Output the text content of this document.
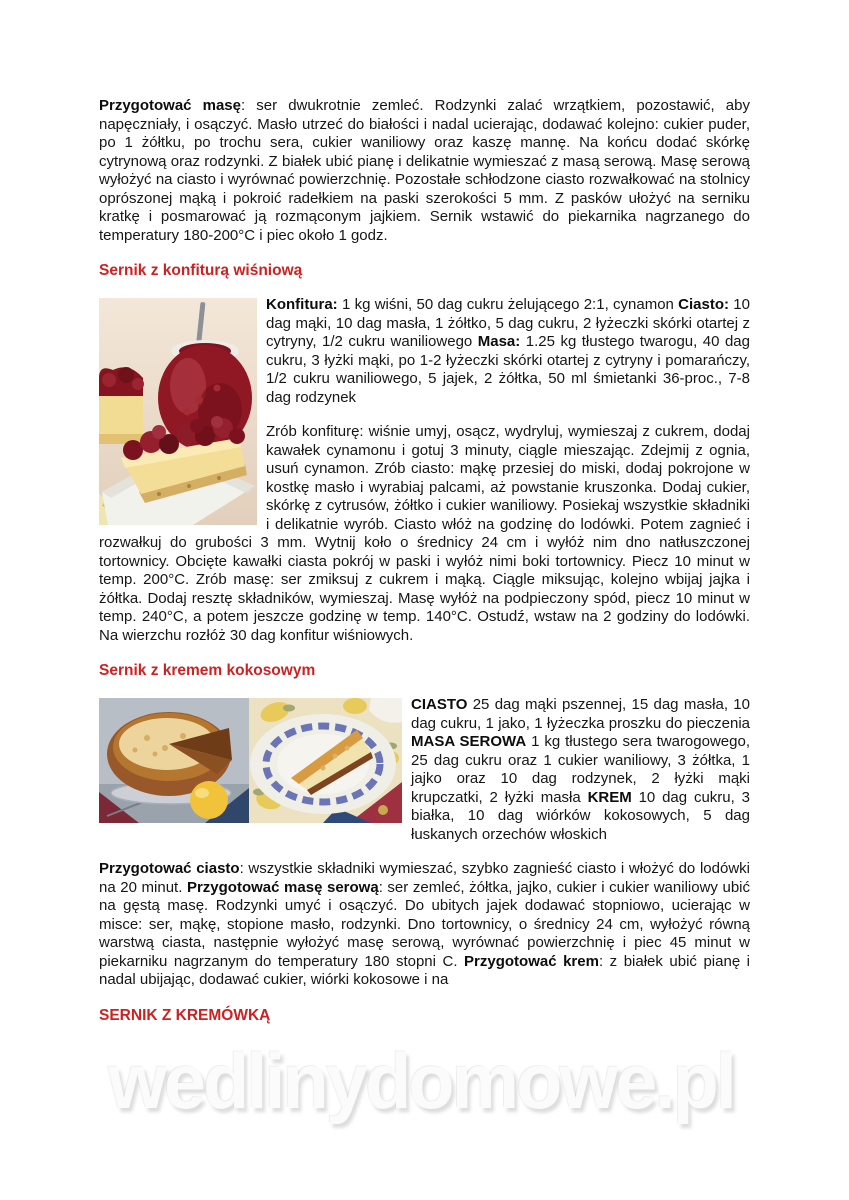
Przygotować masę: ser dwukrotnie zemleć. Rodzynki zalać wrzątkiem, pozostawić, aby napęczniały, i osączyć. Masło utrzeć do białości i nadal ucierając, dodawać kolejno: cukier puder, po 1 żółtku, po trochu sera, cukier waniliowy oraz kaszę mannę. Na końcu dodać skórkę cytrynową oraz rodzynki. Z białek ubić pianę i delikatnie wymieszać z masą serową. Masę serową wyłożyć na ciasto i wyrównać powierzchnię. Pozostałe schłodzone ciasto rozwałkować na stolnicy oprószonej mąką i pokroić radełkiem na paski szerokości 5 mm. Z pasków ułożyć na serniku kratkę i posmarować ją rozmąconym jajkiem. Sernik wstawić do piekarnika nagrzanego do temperatury 180-200°C i piec około 1 godz.

Sernik z konfiturą wiśniową

Konfitura: 1 kg wiśni, 50 dag cukru żelującego 2:1, cynamon Ciasto: 10 dag mąki, 10 dag masła, 1 żółtko, 5 dag cukru, 2 łyżeczki skórki otartej z cytryny, 1/2 cukru waniliowego Masa: 1.25 kg tłustego twarogu, 40 dag cukru, 3 łyżki mąki, po 1-2 łyżeczki skórki otartej z cytryny i pomarańczy, 1/2 cukru waniliowego, 5 jajek, 2 żółtka, 50 ml śmietanki 36-proc., 7-8 dag rodzynek

Zrób konfiturę: wiśnie umyj, osącz, wydryluj, wymieszaj z cukrem, dodaj kawałek cynamonu i gotuj 3 minuty, ciągle mieszając. Zdejmij z ognia, usuń cynamon. Zrób ciasto: mąkę przesiej do miski, dodaj pokrojone w kostkę masło i wyrabiaj palcami, aż powstanie kruszonka. Dodaj cukier, skórkę z cytrusów, żółtko i cukier waniliowy. Posiekaj wszystkie składniki i delikatnie wyrób. Ciasto włóż na godzinę do lodówki. Potem zagnieć i rozwałkuj do grubości 3 mm. Wytnij koło o średnicy 24 cm i wyłóż nim dno natłuszczonej tortownicy. Obcięte kawałki ciasta pokrój w paski i wyłóż nimi boki tortownicy. Piecz 10 minut w temp. 200°C. Zrób masę: ser zmiksuj z cukrem i mąką. Ciągle miksując, kolejno wbijaj jajka i żółtka. Dodaj resztę składników, wymieszaj. Masę wyłóż na podpieczony spód, piecz 10 minut w temp. 240°C, a potem jeszcze godzinę w temp. 140°C. Ostudź, wstaw na 2 godziny do lodówki. Na wierzchu rozłóż 30 dag konfitur wiśniowych.

Sernik z kremem kokosowym

CIASTO 25 dag mąki pszennej, 15 dag masła, 10 dag cukru, 1 jako, 1 łyżeczka proszku do pieczenia MASA SEROWA 1 kg tłustego sera twarogowego, 25 dag cukru oraz 1 cukier waniliowy, 3 żółtka, 1 jajko oraz 10 dag rodzynek, 2 łyżki mąki krupczatki, 2 łyżki masła KREM 10 dag cukru, 3 białka, 10 dag wiórków kokosowych, 5 dag łuskanych orzechów włoskich

Przygotować ciasto: wszystkie składniki wymieszać, szybko zagnieść ciasto i włożyć do lodówki na 20 minut. Przygotować masę serową: ser zemleć, żółtka, jajko, cukier i cukier waniliowy ubić na gęstą masę. Rodzynki umyć i osączyć. Do ubitych jajek dodawać stopniowo, ucierając w misce: ser, mąkę, stopione masło, rodzynki. Dno tortownicy, o średnicy 24 cm, wyłożyć równą warstwą ciasta, następnie wyłożyć masę serową, wyrównać powierzchnię i piec 45 minut w piekarniku nagrzanym do temperatury 180 stopni C. Przygotować krem: z białek ubić pianę i nadal ubijając, dodawać cukier, wiórki kokosowe i na

SERNIK Z KREMÓWKĄ
wedlinydomowe.pl
